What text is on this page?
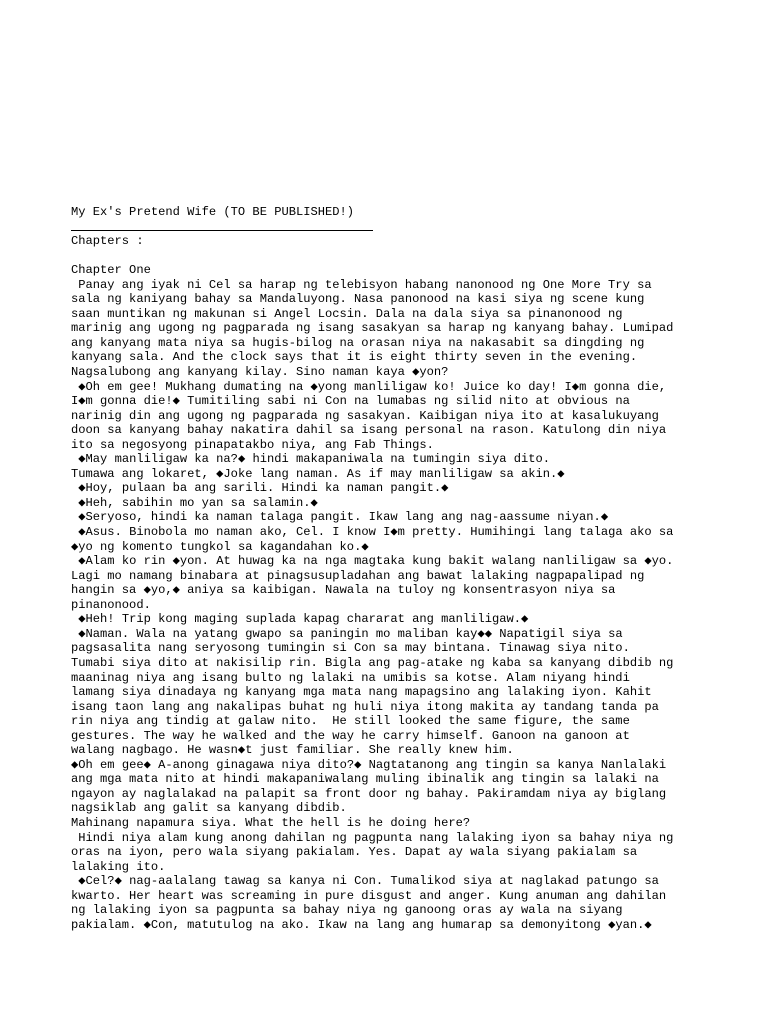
My Ex's Pretend Wife (TO BE PUBLISHED!)
Chapters :
Chapter One
Panay ang iyak ni Cel sa harap ng telebisyon habang nanonood ng One More Try sa
sala ng kaniyang bahay sa Mandaluyong. Nasa panonood na kasi siya ng scene kung
saan muntikan ng makunan si Angel Locsin. Dala na dala siya sa pinanonood ng
marinig ang ugong ng pagparada ng isang sasakyan sa harap ng kanyang bahay. Lumipad
ang kanyang mata niya sa hugis-bilog na orasan niya na nakasabit sa dingding ng
kanyang sala. And the clock says that it is eight thirty seven in the evening.
Nagsalubong ang kanyang kilay. Sino naman kaya ◆yon?
◆Oh em gee! Mukhang dumating na ◆yong manliligaw ko! Juice ko day! I◆m gonna die,
I◆m gonna die!◆ Tumitiling sabi ni Con na lumabas ng silid nito at obvious na
narinig din ang ugong ng pagparada ng sasakyan. Kaibigan niya ito at kasalukuyang
doon sa kanyang bahay nakatira dahil sa isang personal na rason. Katulong din niya
ito sa negosyong pinapatakbo niya, ang Fab Things.
◆May manliligaw ka na?◆ hindi makapaniwala na tumingin siya dito.
Tumawa ang lokaret, ◆Joke lang naman. As if may manliligaw sa akin.◆
◆Hoy, pulaan ba ang sarili. Hindi ka naman pangit.◆
◆Heh, sabihin mo yan sa salamin.◆
◆Seryoso, hindi ka naman talaga pangit. Ikaw lang ang nag-aassume niyan.◆
◆Asus. Binobola mo naman ako, Cel. I know I◆m pretty. Humihingi lang talaga ako sa
◆yo ng komento tungkol sa kagandahan ko.◆
◆Alam ko rin ◆yon. At huwag ka na nga magtaka kung bakit walang nanliligaw sa ◆yo.
Lagi mo namang binabara at pinagsusupladahan ang bawat lalaking nagpapalipad ng
hangin sa ◆yo,◆ aniya sa kaibigan. Nawala na tuloy ng konsentrasyon niya sa
pinanonood.
◆Heh! Trip kong maging suplada kapag chararat ang manliligaw.◆
◆Naman. Wala na yatang gwapo sa paningin mo maliban kay◆◆ Napatigil siya sa
pagsasalita nang seryosong tumingin si Con sa may bintana. Tinawag siya nito.
Tumabi siya dito at nakisilip rin. Bigla ang pag-atake ng kaba sa kanyang dibdib ng
maaninag niya ang isang bulto ng lalaki na umibis sa kotse. Alam niyang hindi
lamang siya dinadaya ng kanyang mga mata nang mapagsino ang lalaking iyon. Kahit
isang taon lang ang nakalipas buhat ng huli niya itong makita ay tandang tanda pa
rin niya ang tindig at galaw nito.  He still looked the same figure, the same
gestures. The way he walked and the way he carry himself. Ganoon na ganoon at
walang nagbago. He wasn◆t just familiar. She really knew him.
◆Oh em gee◆ A-anong ginagawa niya dito?◆ Nagtatanong ang tingin sa kanya Nanlalaki
ang mga mata nito at hindi makapaniwalang muling ibinalik ang tingin sa lalaki na
ngayon ay naglalakad na palapit sa front door ng bahay. Pakiramdam niya ay biglang
nagsiklab ang galit sa kanyang dibdib.
Mahinang napamura siya. What the hell is he doing here?
Hindi niya alam kung anong dahilan ng pagpunta nang lalaking iyon sa bahay niya ng
oras na iyon, pero wala siyang pakialam. Yes. Dapat ay wala siyang pakialam sa
lalaking ito.
◆Cel?◆ nag-aalalang tawag sa kanya ni Con. Tumalikod siya at naglakad patungo sa
kwarto. Her heart was screaming in pure disgust and anger. Kung anuman ang dahilan
ng lalaking iyon sa pagpunta sa bahay niya ng ganoong oras ay wala na siyang
pakialam. ◆Con, matutulog na ako. Ikaw na lang ang humarap sa demonyitong ◆yan.◆
